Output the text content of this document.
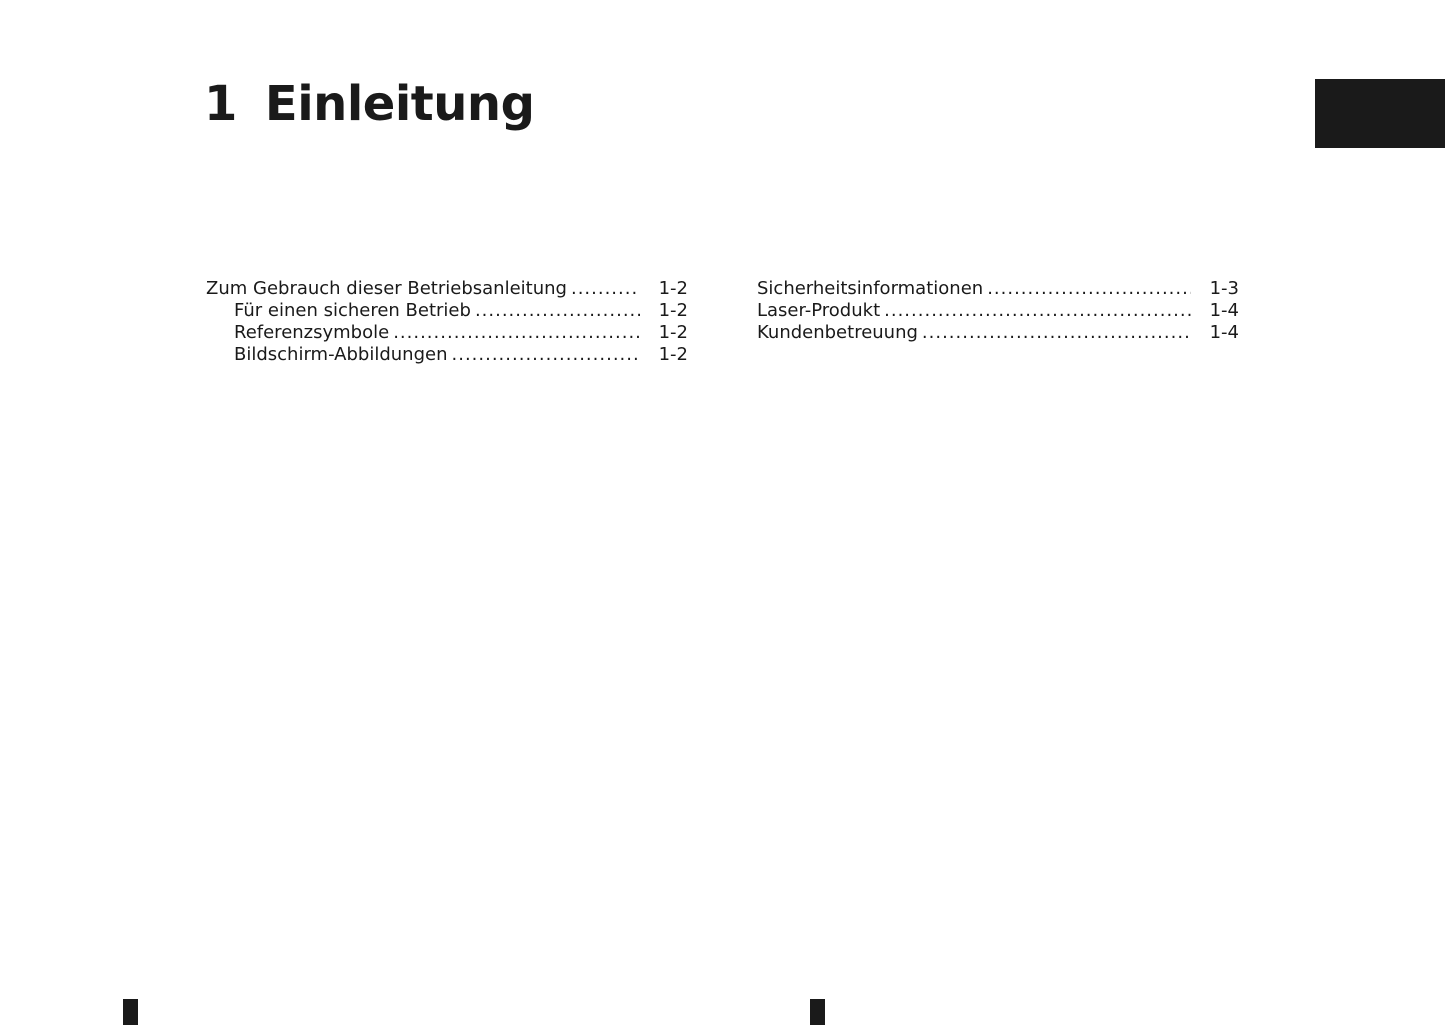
1 Einleitung
Zum Gebrauch dieser Betriebsanleitung .....	1-2
Für einen sicheren Betrieb .....	1-2
Referenzsymbole .....	1-2
Bildschirm-Abbildungen .....	1-2
Sicherheitsinformationen .....	1-3
Laser-Produkt .....	1-4
Kundenbetreuung .....	1-4
